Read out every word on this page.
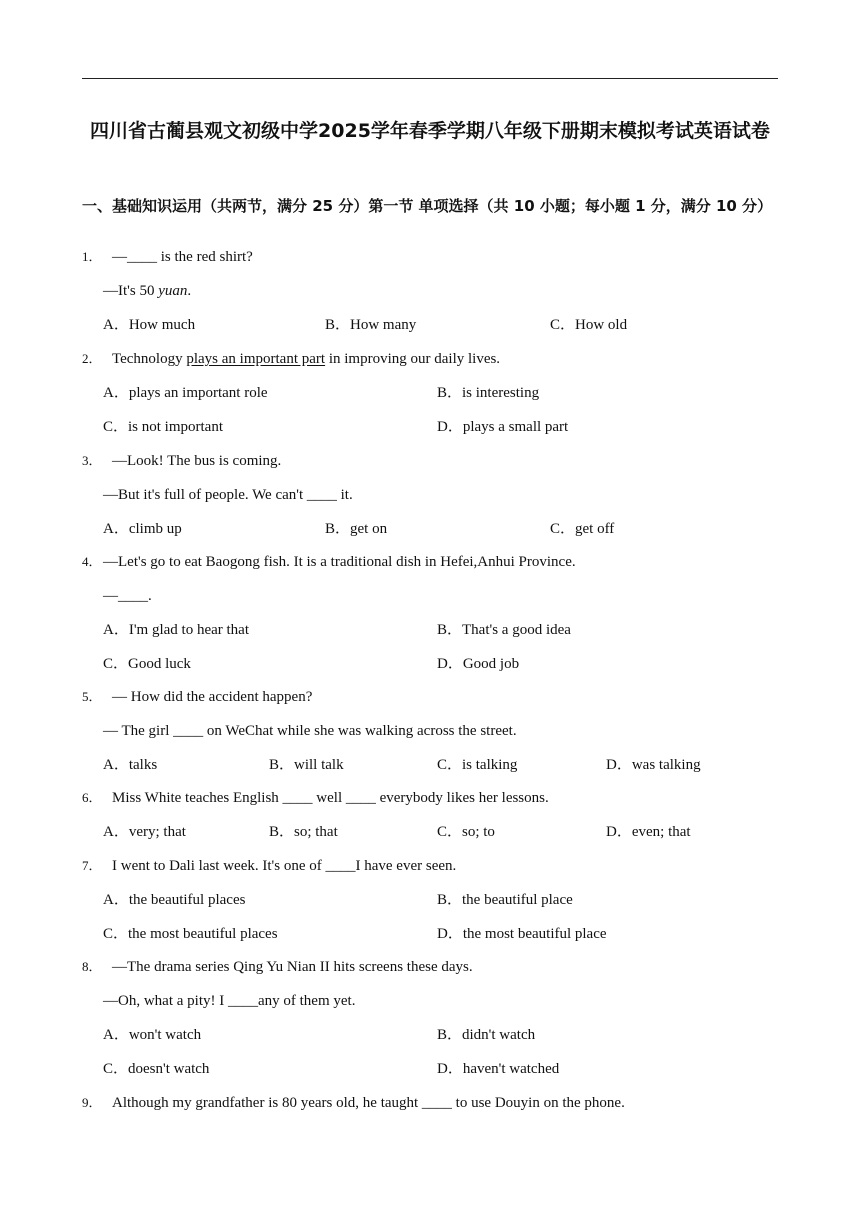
四川省古蔺县观文初级中学2025学年春季学期八年级下册期末模拟考试英语试卷

一、基础知识运用（共两节，满分 25 分）第一节 单项选择（共 10 小题；每小题 1 分，满分 10 分）

1． —____ is the red shirt?
—It's 50 yuan.
A．How much	B．How many	C．How old
2． Technology plays an important part in improving our daily lives.
A．plays an important role	B．is interesting
C．is not important	D．plays a small part
3． —Look! The bus is coming.
—But it's full of people. We can't ____ it.
A．climb up	B．get on	C．get off
4． —Let's go to eat Baogong fish. It is a traditional dish in Hefei,Anhui Province.
—____.
A．I'm glad to hear that	B．That's a good idea
C．Good luck	D．Good job
5． — How did the accident happen?
— The girl ____ on WeChat while she was walking across the street.
A．talks	B．will talk	C．is talking	D．was talking
6． Miss White teaches English ____ well ____ everybody likes her lessons.
A．very; that	B．so; that	C．so; to	D．even; that
7． I went to Dali last week. It's one of ____I have ever seen.
A．the beautiful places	B．the beautiful place
C．the most beautiful places	D．the most beautiful place
8． —The drama series Qing Yu Nian II hits screens these days.
—Oh, what a pity! I ____any of them yet.
A．won't watch	B．didn't watch
C．doesn't watch	D．haven't watched
9． Although my grandfather is 80 years old, he taught ____ to use Douyin on the phone.
